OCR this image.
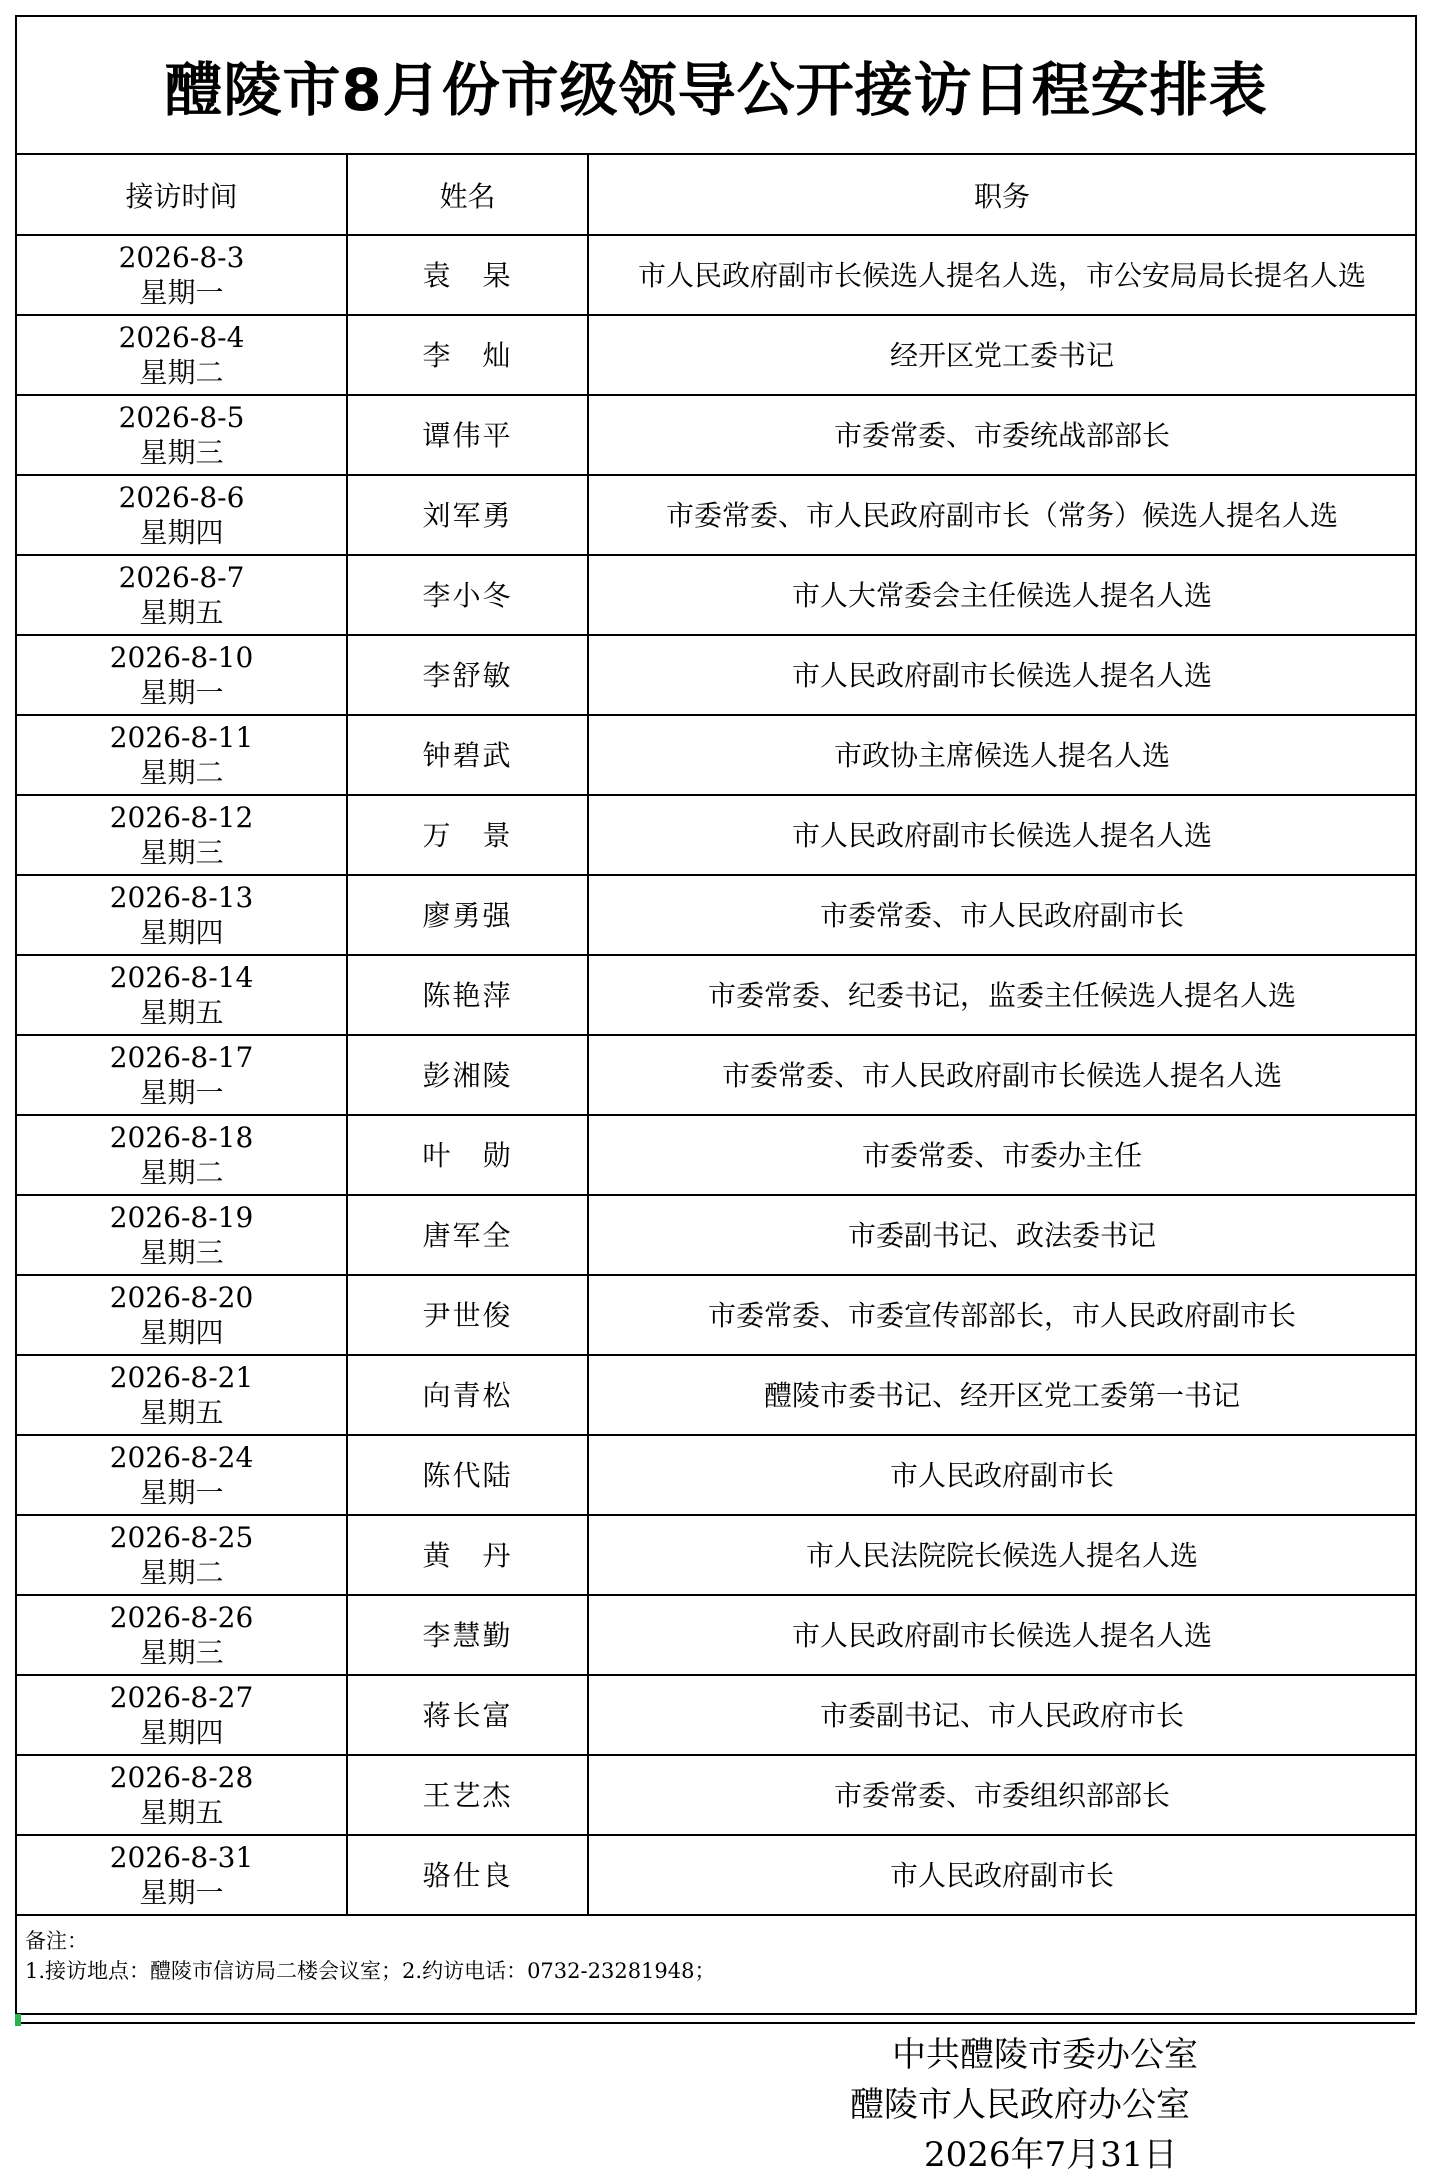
醴陵市8月份市级领导公开接访日程安排表
接访时间	姓名	职务

2026-8-3
星期一	袁　杲	市人民政府副市长候选人提名人选，市公安局局长提名人选

2026-8-4
星期二	李　灿	经开区党工委书记

2026-8-5
星期三	谭伟平	市委常委、市委统战部部长

2026-8-6
星期四	刘军勇	市委常委、市人民政府副市长（常务）候选人提名人选

2026-8-7
星期五	李小冬	市人大常委会主任候选人提名人选

2026-8-10
星期一	李舒敏	市人民政府副市长候选人提名人选

2026-8-11
星期二	钟碧武	市政协主席候选人提名人选

2026-8-12
星期三	万　景	市人民政府副市长候选人提名人选

2026-8-13
星期四	廖勇强	市委常委、市人民政府副市长

2026-8-14
星期五	陈艳萍	市委常委、纪委书记，监委主任候选人提名人选

2026-8-17
星期一	彭湘陵	市委常委、市人民政府副市长候选人提名人选

2026-8-18
星期二	叶　勋	市委常委、市委办主任

2026-8-19
星期三	唐军全	市委副书记、政法委书记

2026-8-20
星期四	尹世俊	市委常委、市委宣传部部长，市人民政府副市长

2026-8-21
星期五	向青松	醴陵市委书记、经开区党工委第一书记

2026-8-24
星期一	陈代陆	市人民政府副市长

2026-8-25
星期二	黄　丹	市人民法院院长候选人提名人选

2026-8-26
星期三	李慧勤	市人民政府副市长候选人提名人选

2026-8-27
星期四	蒋长富	市委副书记、市人民政府市长

2026-8-28
星期五	王艺杰	市委常委、市委组织部部长

2026-8-31
星期一	骆仕良	市人民政府副市长

备注：
1.接访地点：醴陵市信访局二楼会议室；2.约访电话：0732-23281948；		
中共醴陵市委办公室
醴陵市人民政府办公室
2026年7月31日
